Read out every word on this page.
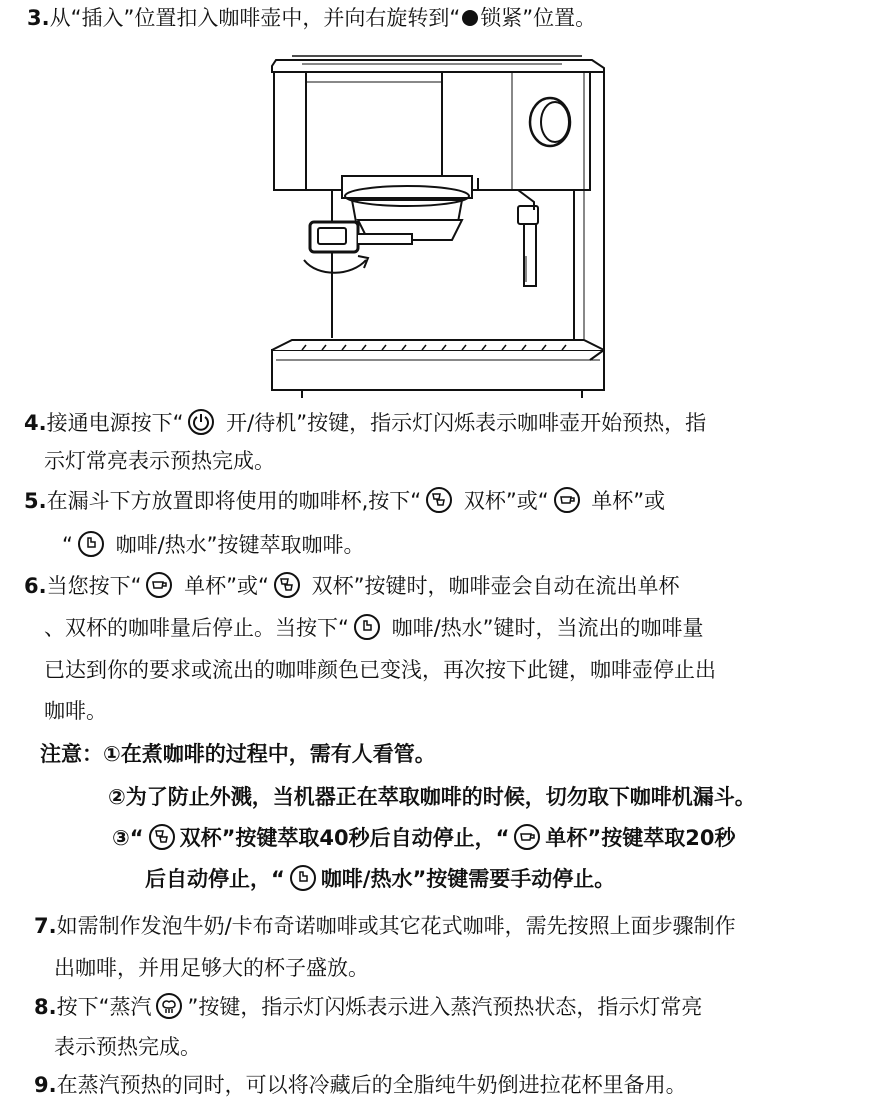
3.从“插入”位置扣入咖啡壶中，并向右旋转到“ 锁紧”位置。
4.接通电源按下“
开/待机”按键，指示灯闪烁表示咖啡壶开始预热，指
示灯常亮表示预热完成。
5.在漏斗下方放置即将使用的咖啡杯,按下“
双杯”或“
单杯”或
“
咖啡/热水”按键萃取咖啡。
6.当您按下“
单杯”或“
双杯”按键时，咖啡壶会自动在流出单杯
、双杯的咖啡量后停止。当按下“
咖啡/热水”键时，当流出的咖啡量
已达到你的要求或流出的咖啡颜色已变浅，再次按下此键，咖啡壶停止出
咖啡。
注意：①在煮咖啡的过程中，需有人看管。
②为了防止外溅，当机器正在萃取咖啡的时候，切勿取下咖啡机漏斗。
③“ 双杯”按键萃取40秒后自动停止，“ 单杯”按键萃取20秒
后自动停止，“ 咖啡/热水”按键需要手动停止。
7.如需制作发泡牛奶/卡布奇诺咖啡或其它花式咖啡，需先按照上面步骤制作
出咖啡，并用足够大的杯子盛放。
8.按下“蒸汽 ”按键，指示灯闪烁表示进入蒸汽预热状态，指示灯常亮
表示预热完成。
9.在蒸汽预热的同时，可以将冷藏后的全脂纯牛奶倒进拉花杯里备用。
